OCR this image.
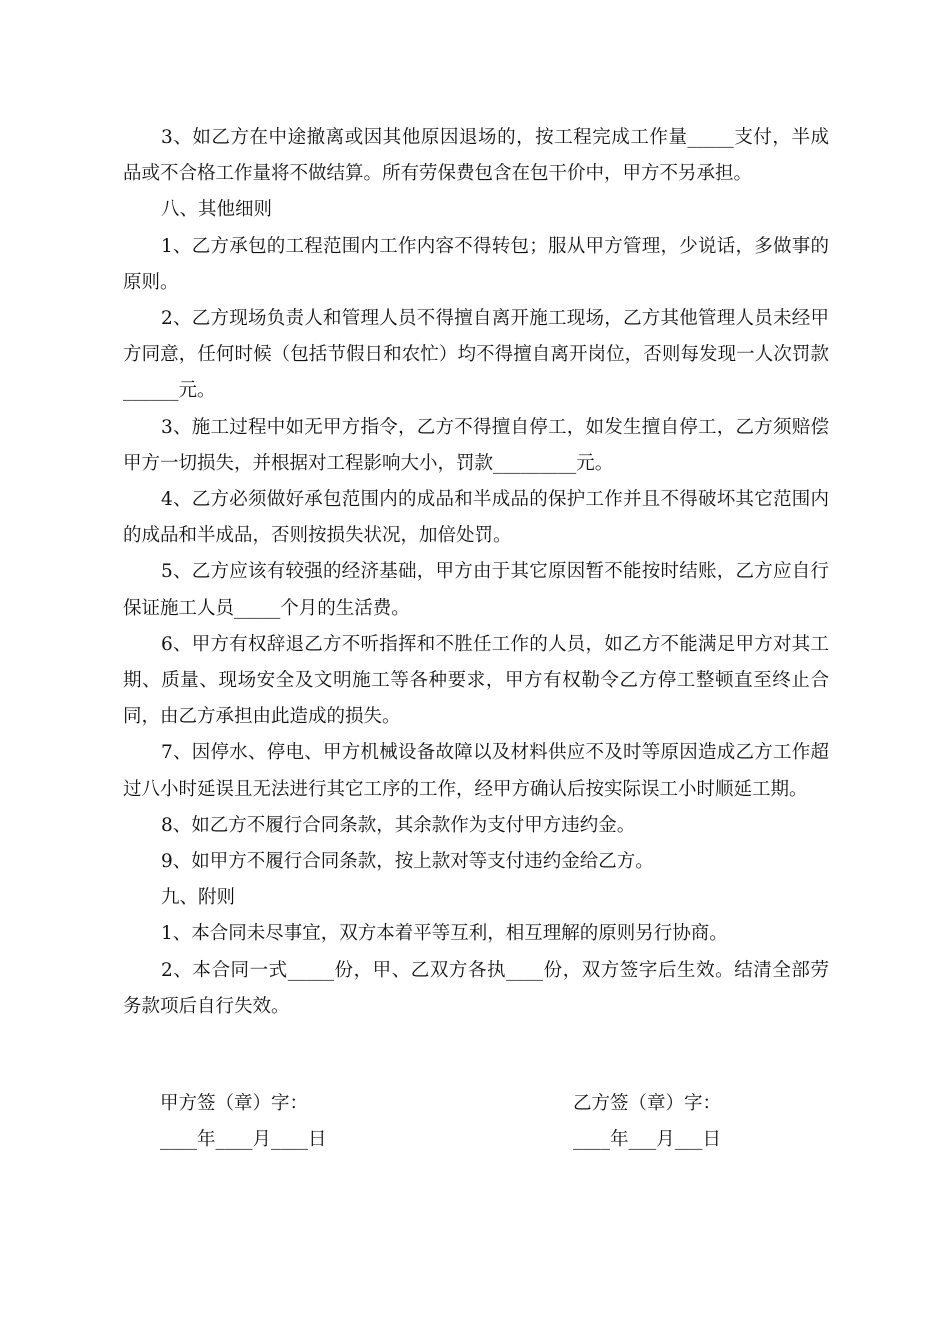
3、如乙方在中途撤离或因其他原因退场的，按工程完成工作量_____支付，半成品或不合格工作量将不做结算。所有劳保费包含在包干价中，甲方不另承担。

八、其他细则

1、乙方承包的工程范围内工作内容不得转包；服从甲方管理，少说话，多做事的原则。

2、乙方现场负责人和管理人员不得擅自离开施工现场，乙方其他管理人员未经甲方同意，任何时候（包括节假日和农忙）均不得擅自离开岗位，否则每发现一人次罚款______元。

3、施工过程中如无甲方指令，乙方不得擅自停工，如发生擅自停工，乙方须赔偿甲方一切损失，并根据对工程影响大小，罚款_________元。

4、乙方必须做好承包范围内的成品和半成品的保护工作并且不得破坏其它范围内的成品和半成品，否则按损失状况，加倍处罚。

5、乙方应该有较强的经济基础，甲方由于其它原因暂不能按时结账，乙方应自行保证施工人员_____个月的生活费。

6、甲方有权辞退乙方不听指挥和不胜任工作的人员，如乙方不能满足甲方对其工期、质量、现场安全及文明施工等各种要求，甲方有权勒令乙方停工整顿直至终止合同，由乙方承担由此造成的损失。

7、因停水、停电、甲方机械设备故障以及材料供应不及时等原因造成乙方工作超过八小时延误且无法进行其它工序的工作，经甲方确认后按实际误工小时顺延工期。

8、如乙方不履行合同条款，其余款作为支付甲方违约金。

9、如甲方不履行合同条款，按上款对等支付违约金给乙方。

九、附则

1、本合同未尽事宜，双方本着平等互利，相互理解的原则另行协商。

2、本合同一式_____份，甲、乙双方各执____份，双方签字后生效。结清全部劳务款项后自行失效。

甲方签（章）字：
____年____月____日
乙方签（章）字：
____年___月___日
